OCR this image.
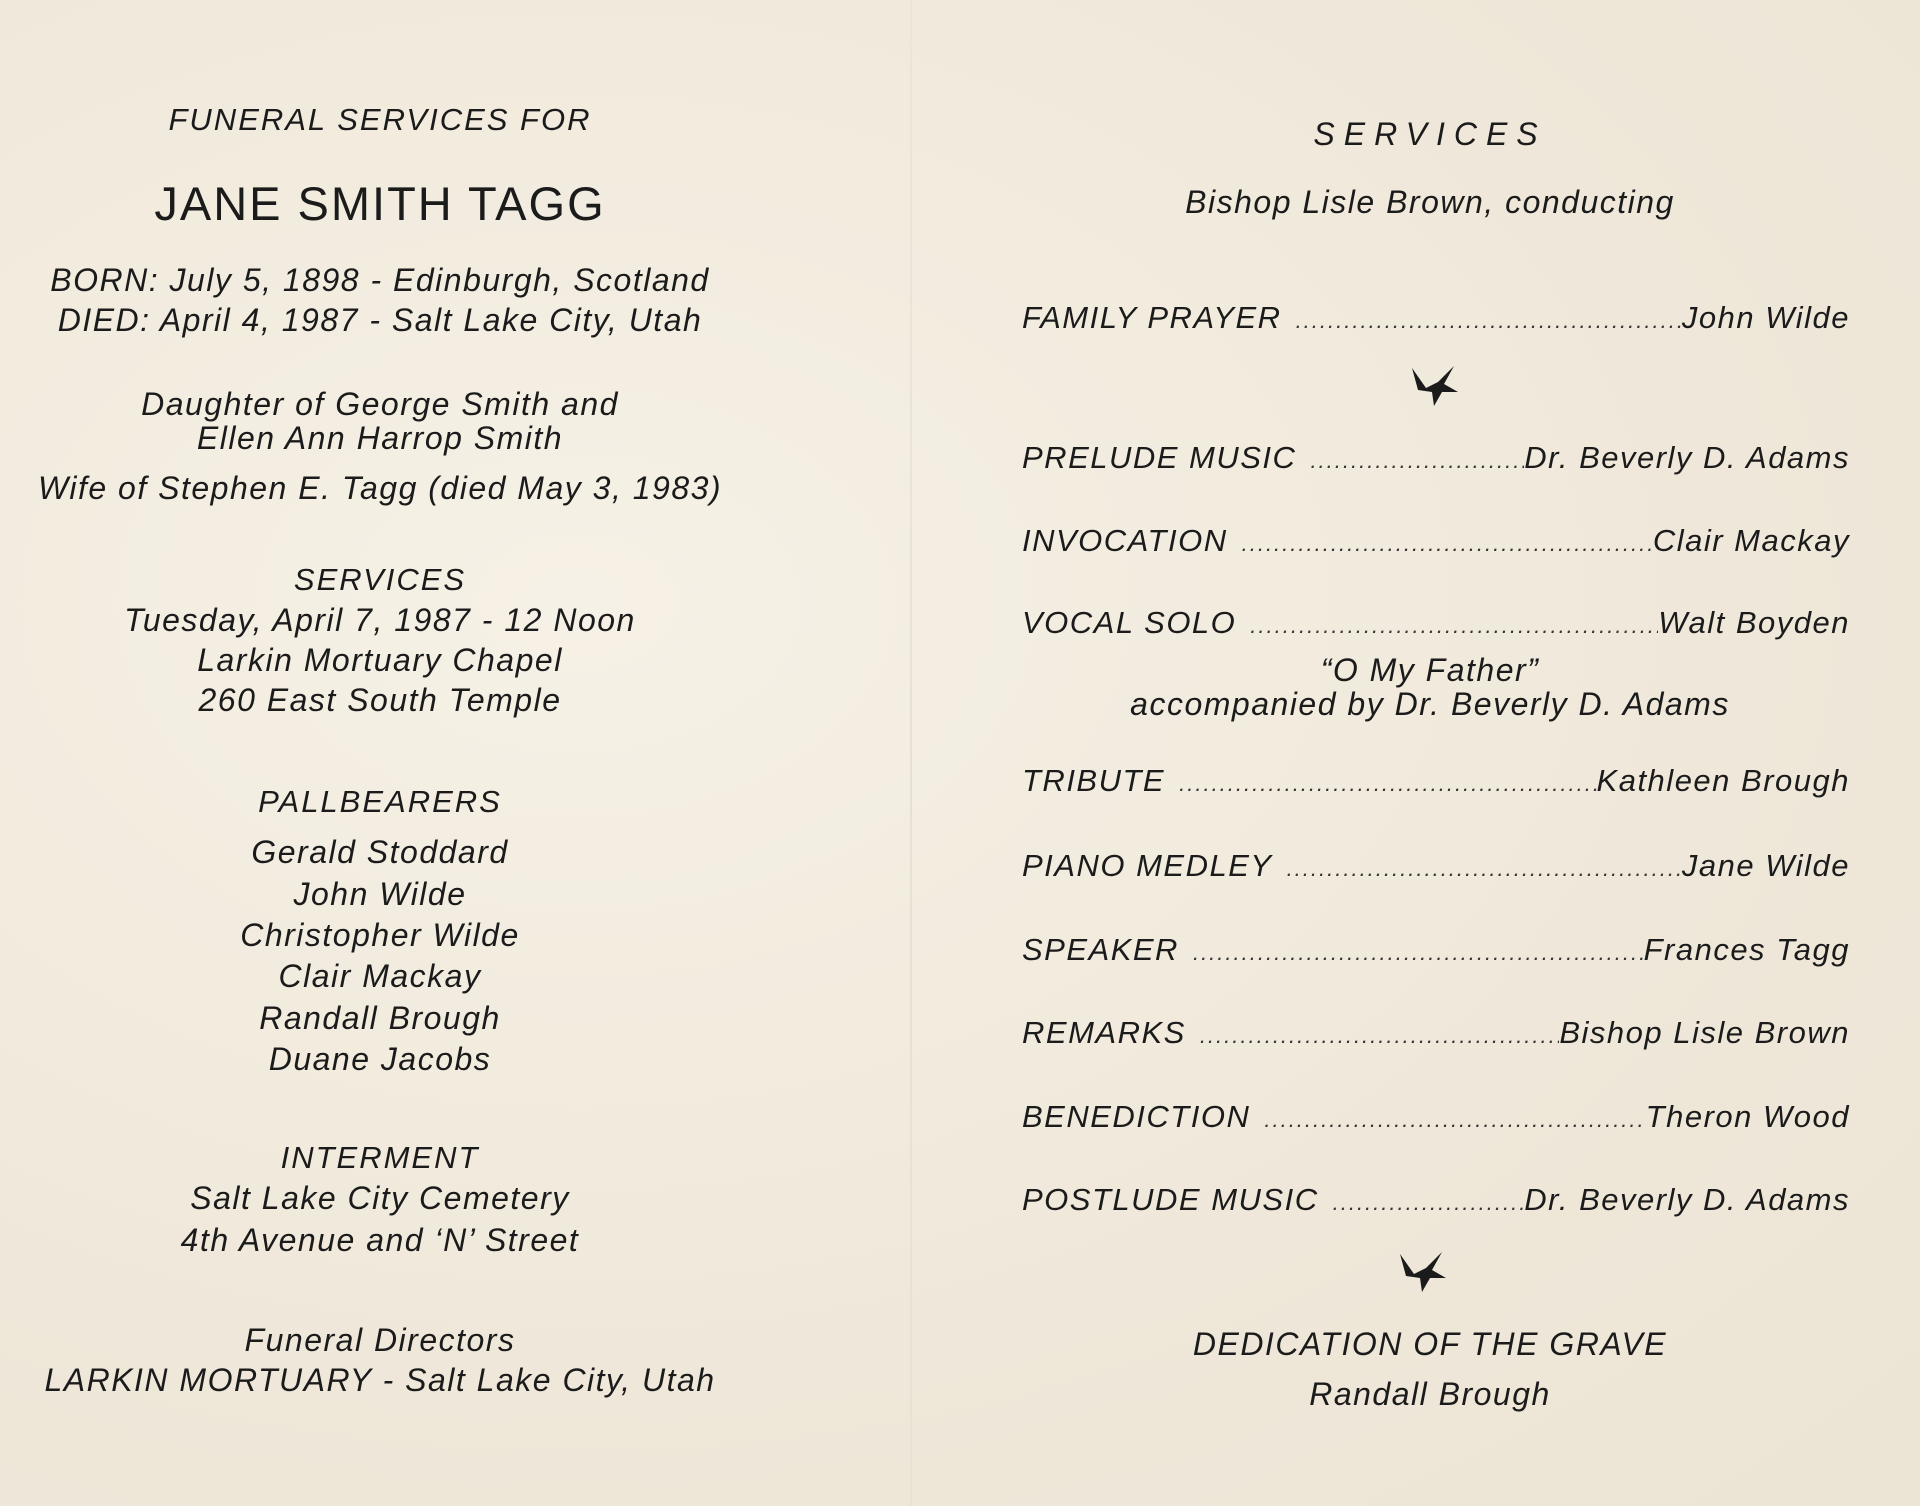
FUNERAL SERVICES FOR
JANE SMITH TAGG
BORN: July 5, 1898 - Edinburgh, Scotland
DIED: April 4, 1987 - Salt Lake City, Utah
Daughter of George Smith and
Ellen Ann Harrop Smith
Wife of Stephen E. Tagg (died May 3, 1983)
SERVICES
Tuesday, April 7, 1987 - 12 Noon
Larkin Mortuary Chapel
260 East South Temple
PALLBEARERS
Gerald Stoddard
John Wilde
Christopher Wilde
Clair Mackay
Randall Brough
Duane Jacobs
INTERMENT
Salt Lake City Cemetery
4th Avenue and ‘N’ Street
Funeral Directors
LARKIN MORTUARY - Salt Lake City, Utah
SERVICES
Bishop Lisle Brown, conducting
FAMILY PRAYER .....	John Wilde
PRELUDE MUSIC .....	Dr. Beverly D. Adams
INVOCATION .....	Clair Mackay
VOCAL SOLO .....	Walt Boyden
“O My Father”
accompanied by Dr. Beverly D. Adams
TRIBUTE .....	Kathleen Brough
PIANO MEDLEY .....	Jane Wilde
SPEAKER .....	Frances Tagg
REMARKS .....	Bishop Lisle Brown
BENEDICTION .....	Theron Wood
POSTLUDE MUSIC .....	Dr. Beverly D. Adams
DEDICATION OF THE GRAVE
Randall Brough
